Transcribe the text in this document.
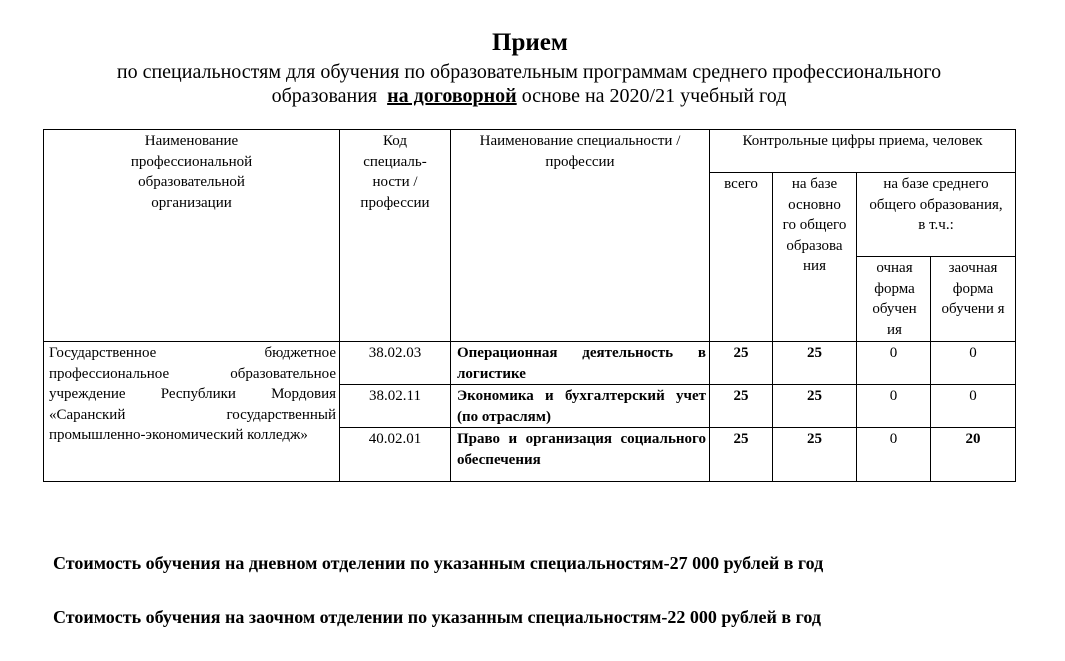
Прием
по специальностям для обучения по образовательным программам среднего профессионального
образования  на договорной основе на 2020/21 учебный год
Наименование профессиональной образовательной организации	Код специаль-ности / профессии	Наименование специальности / профессии	Контрольные цифры приема, человек			
			всего	на базе основно го общего образова ния	на базе среднего общего образования, в т.ч.:	
					очная форма обучен ия	заочная форма обучени я
Государственное бюджетное профессиональное образовательное учреждение Республики Мордовия «Саранский государственный промышленно-экономический колледж»	38.02.03	Операционная деятельность в логистике	25	25	0	0
	38.02.11	Экономика и бухгалтерский учет (по отраслям)	25	25	0	0
	40.02.01	Право и организация социального обеспечения	25	25	0	20
Стоимость обучения на дневном отделении по указанным специальностям-27 000 рублей в год
Стоимость обучения на заочном отделении по указанным специальностям-22 000 рублей в год
